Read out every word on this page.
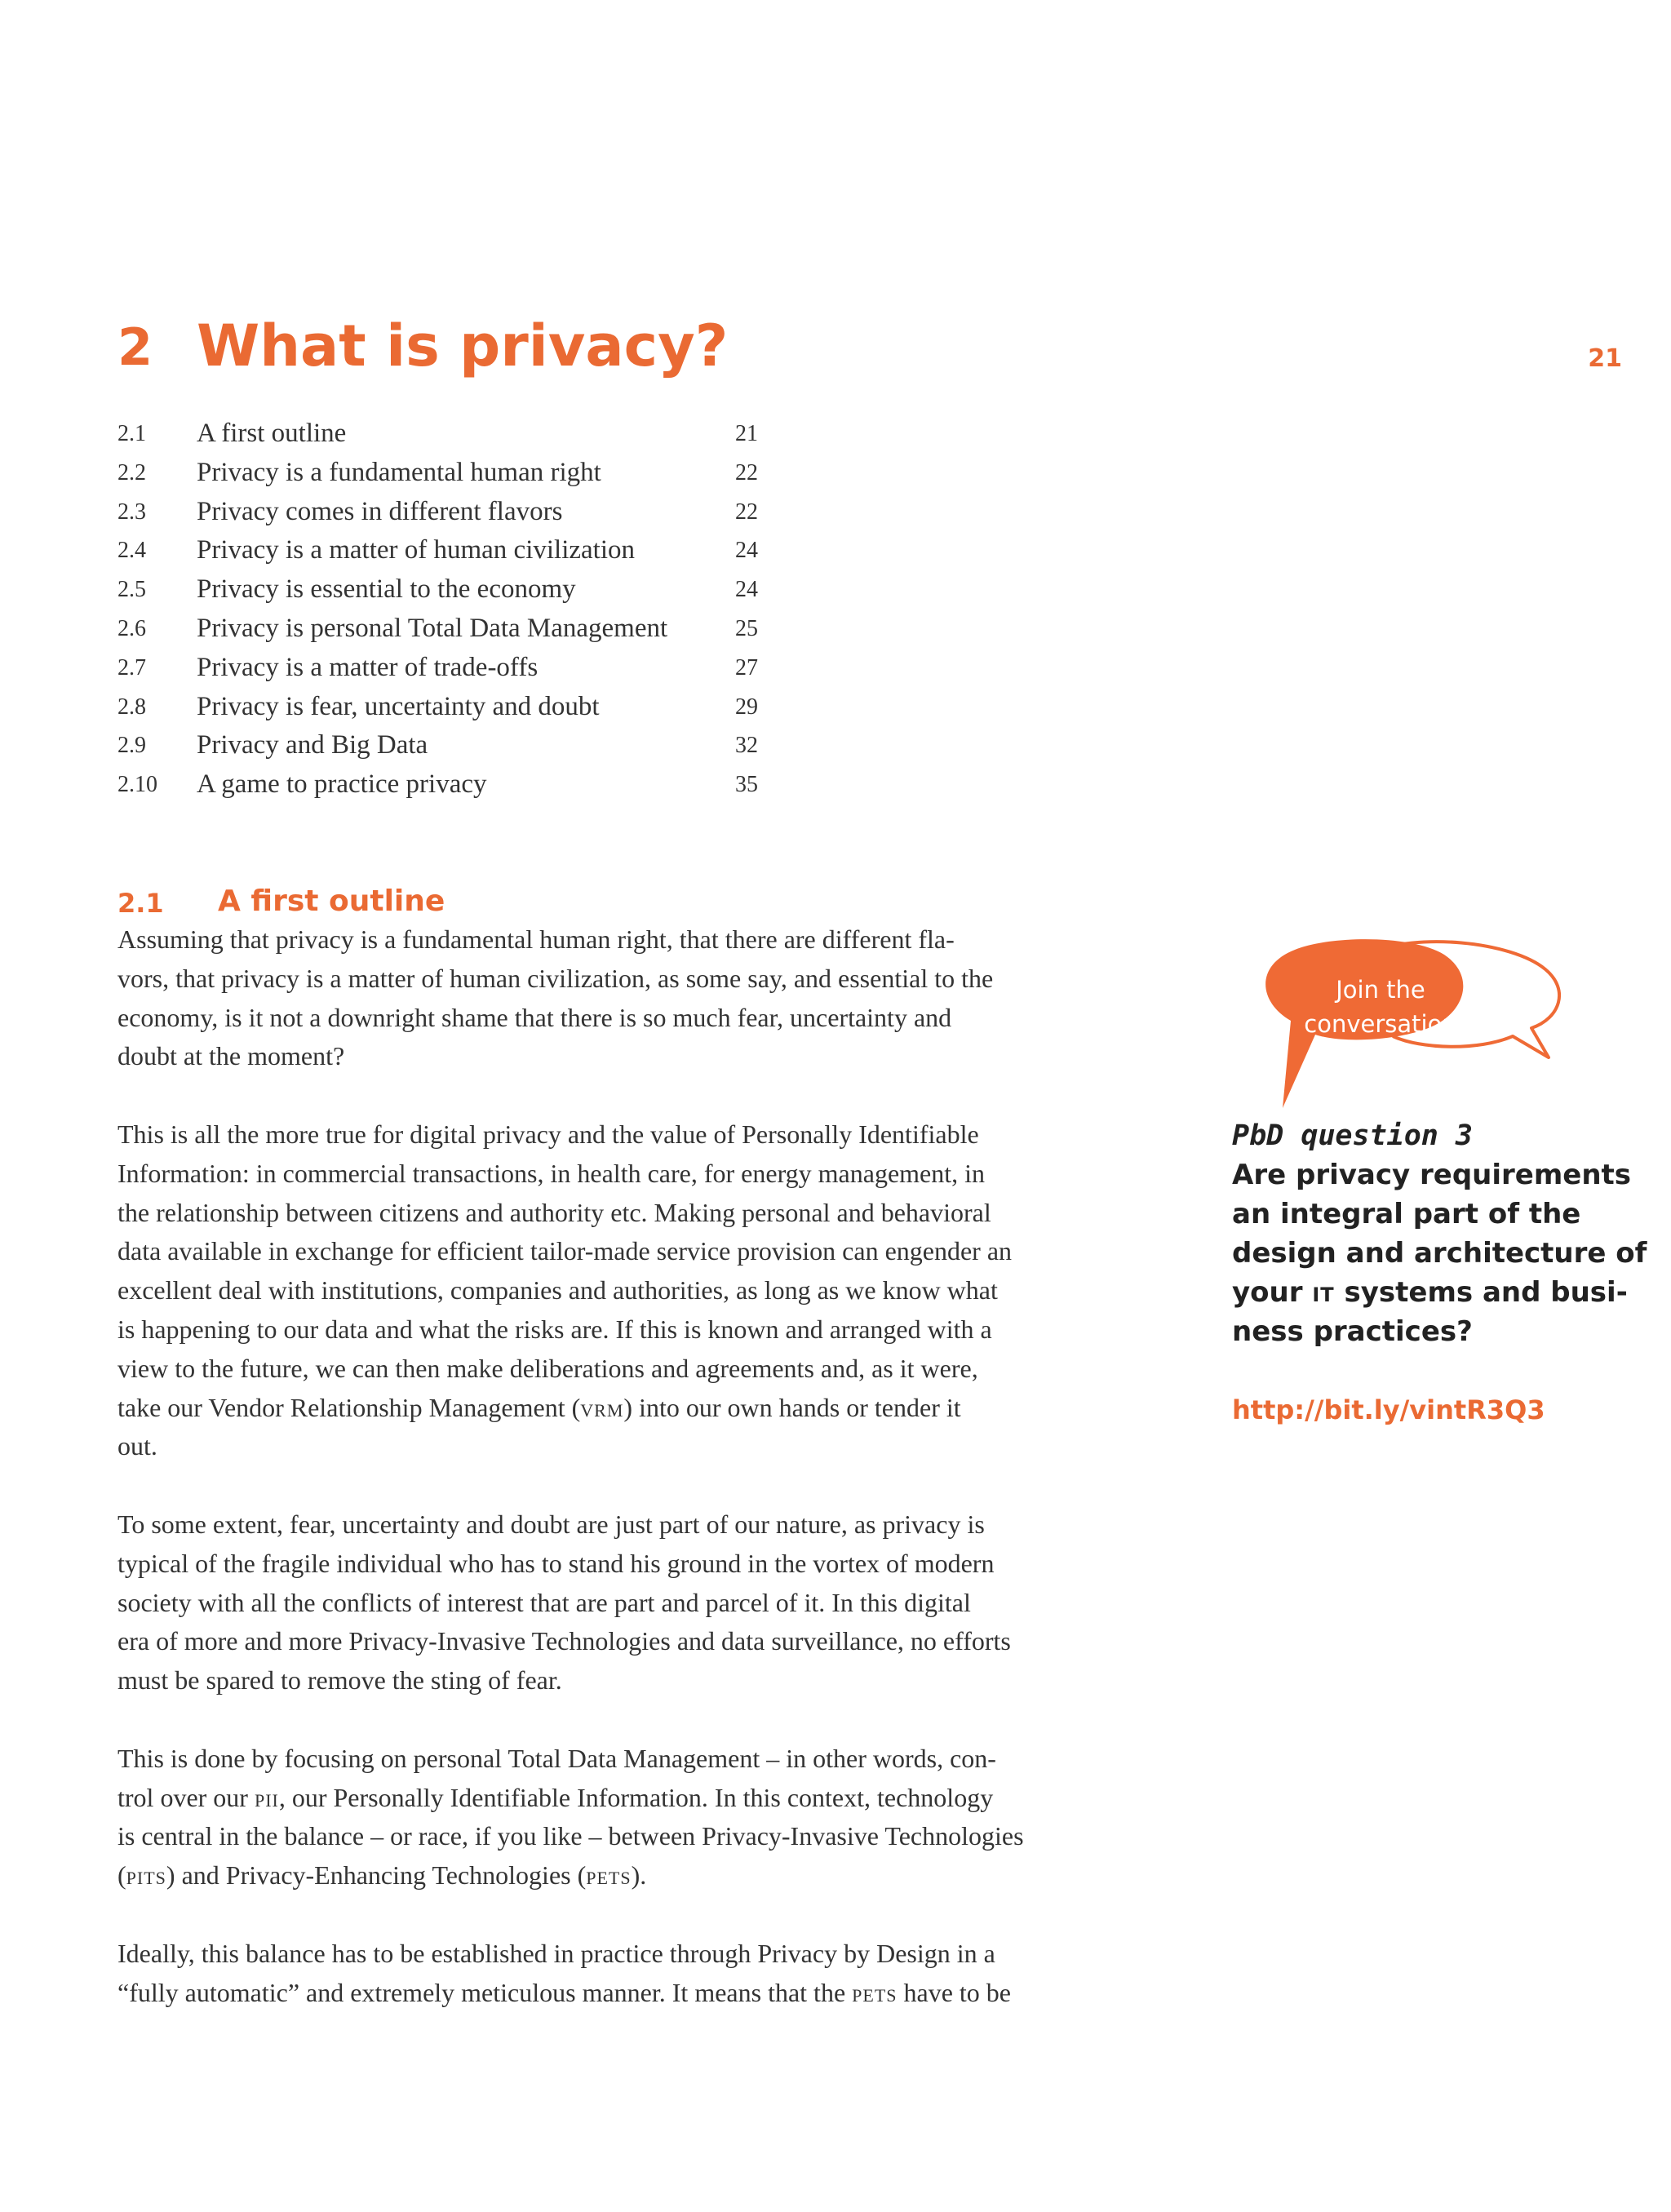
2 What is privacy?	21
2.1 A first outline	21
2.2 Privacy is a fundamental human right	22
2.3 Privacy comes in different flavors	22
2.4 Privacy is a matter of human civilization	24
2.5 Privacy is essential to the economy	24
2.6 Privacy is personal Total Data Management	25
2.7 Privacy is a matter of trade-offs	27
2.8 Privacy is fear, uncertainty and doubt	29
2.9 Privacy and Big Data	32
2.10 A game to practice privacy	35
2.1 A first outline

Assuming that privacy is a fundamental human right, that there are different fla-
vors, that privacy is a matter of human civilization, as some say, and essential to the
economy, is it not a downright shame that there is so much fear, uncertainty and
doubt at the moment?

This is all the more true for digital privacy and the value of Personally Identifiable
Information: in commercial transactions, in health care, for energy management, in
the relationship between citizens and authority etc. Making personal and behavioral
data available in exchange for efficient tailor-made service provision can engender an
excellent deal with institutions, companies and authorities, as long as we know what
is happening to our data and what the risks are. If this is known and arranged with a
view to the future, we can then make deliberations and agreements and, as it were,
take our Vendor Relationship Management (vrm) into our own hands or tender it
out.

To some extent, fear, uncertainty and doubt are just part of our nature, as privacy is
typical of the fragile individual who has to stand his ground in the vortex of modern
society with all the conflicts of interest that are part and parcel of it. In this digital
era of more and more Privacy-Invasive Technologies and data surveillance, no efforts
must be spared to remove the sting of fear.

This is done by focusing on personal Total Data Management – in other words, con-
trol over our pii, our Personally Identifiable Information. In this context, technology
is central in the balance – or race, if you like – between Privacy-Invasive Technologies
(pits) and Privacy-Enhancing Technologies (pets).

Ideally, this balance has to be established in practice through Privacy by Design in a
“fully automatic” and extremely meticulous manner. It means that the pets have to be

Join the
conversation
PbD question 3
Are privacy requirements
an integral part of the
design and architecture of
your it systems and busi-
ness practices?
http://bit.ly/vintR3Q3
